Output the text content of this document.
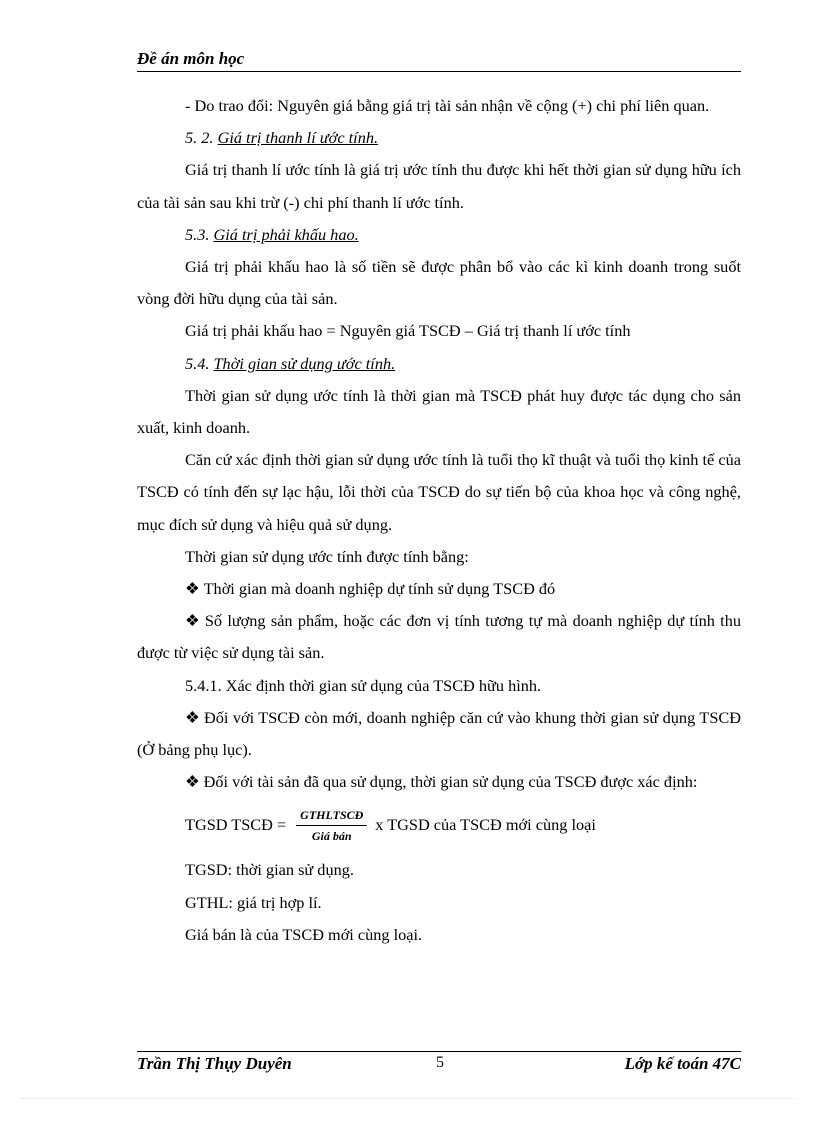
Đề án môn học

- Do trao đổi: Nguyên giá bằng giá trị tài sản nhận về cộng (+) chi phí liên quan.

5. 2. Giá trị thanh lí ước tính.

Giá trị thanh lí ước tính là giá trị ước tính thu được khi hết thời gian sử dụng hữu ích của tài sản sau khi trừ (-) chi phí thanh lí ước tính.

5.3. Giá trị phải khấu hao.

Giá trị phải khấu hao là số tiền sẽ được phân bổ vào các kì kinh doanh trong suốt vòng đời hữu dụng của tài sản.

Giá trị phải khấu hao = Nguyên giá TSCĐ – Giá trị thanh lí ước tính

5.4. Thời gian sử dụng ước tính.

Thời gian sử dụng ước tính là thời gian mà TSCĐ phát huy được tác dụng cho sản xuất, kinh doanh.

Căn cứ xác định thời gian sử dụng ước tính là tuổi thọ kĩ thuật và tuổi thọ kinh tế của TSCĐ có tính đến sự lạc hậu, lỗi thời của TSCĐ do sự tiến bộ của khoa học và công nghệ, mục đích sử dụng và hiệu quả sử dụng.

Thời gian sử dụng ước tính được tính bằng:

❖ Thời gian mà doanh nghiệp dự tính sử dụng TSCĐ đó

❖ Số lượng sản phẩm, hoặc các đơn vị tính tương tự mà doanh nghiệp dự tính thu được từ việc sử dụng tài sản.

5.4.1. Xác định thời gian sử dụng của TSCĐ hữu hình.

❖ Đối với TSCĐ còn mới, doanh nghiệp căn cứ vào khung thời gian sử dụng TSCĐ (Ở bảng phụ lục).

❖ Đối với tài sản đã qua sử dụng, thời gian sử dụng của TSCĐ được xác định:

TGSD TSCĐ = $\frac{\text{GTHLTSCĐ}}{\text{Giá bán}}$ x TGSD của TSCĐ mới cùng loại

TGSD: thời gian sử dụng.

GTHL: giá trị hợp lí.

Giá bán là của TSCĐ mới cùng loại.

Trần Thị Thụy Duyên	5	Lớp kế toán 47C
